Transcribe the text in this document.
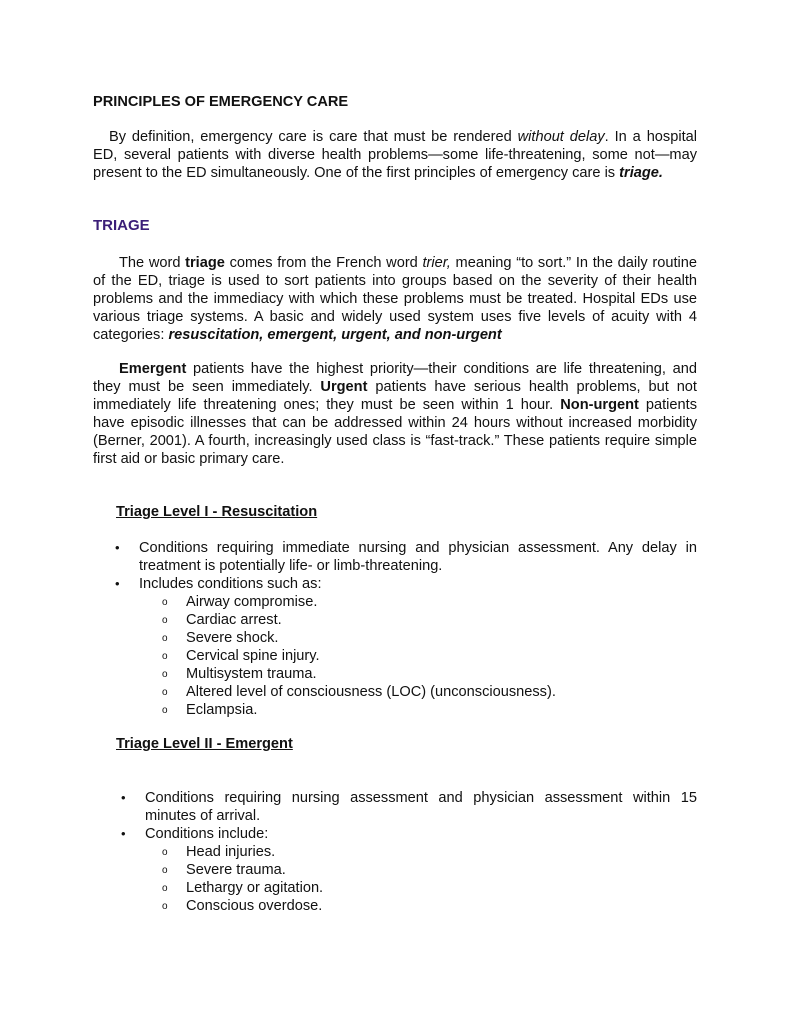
PRINCIPLES OF EMERGENCY CARE
By definition, emergency care is care that must be rendered without delay. In a hospital ED, several patients with diverse health problems—some life-threatening, some not—may present to the ED simultaneously. One of the first principles of emergency care is triage.
TRIAGE
The word triage comes from the French word trier, meaning “to sort.” In the daily routine of the ED, triage is used to sort patients into groups based on the severity of their health problems and the immediacy with which these problems must be treated. Hospital EDs use various triage systems. A basic and widely used system uses five levels of acuity with 4 categories: resuscitation, emergent, urgent, and non-urgent
Emergent patients have the highest priority—their conditions are life threatening, and they must be seen immediately. Urgent patients have serious health problems, but not immediately life threatening ones; they must be seen within 1 hour. Non-urgent patients have episodic illnesses that can be addressed within 24 hours without increased morbidity (Berner, 2001). A fourth, increasingly used class is “fast-track.” These patients require simple first aid or basic primary care.
Triage Level I - Resuscitation
• Conditions requiring immediate nursing and physician assessment. Any delay in treatment is potentially life- or limb-threatening.
• Includes conditions such as:
o Airway compromise.
o Cardiac arrest.
o Severe shock.
o Cervical spine injury.
o Multisystem trauma.
o Altered level of consciousness (LOC) (unconsciousness).
o Eclampsia.
Triage Level II - Emergent
• Conditions requiring nursing assessment and physician assessment within 15 minutes of arrival.
• Conditions include:
o Head injuries.
o Severe trauma.
o Lethargy or agitation.
o Conscious overdose.
